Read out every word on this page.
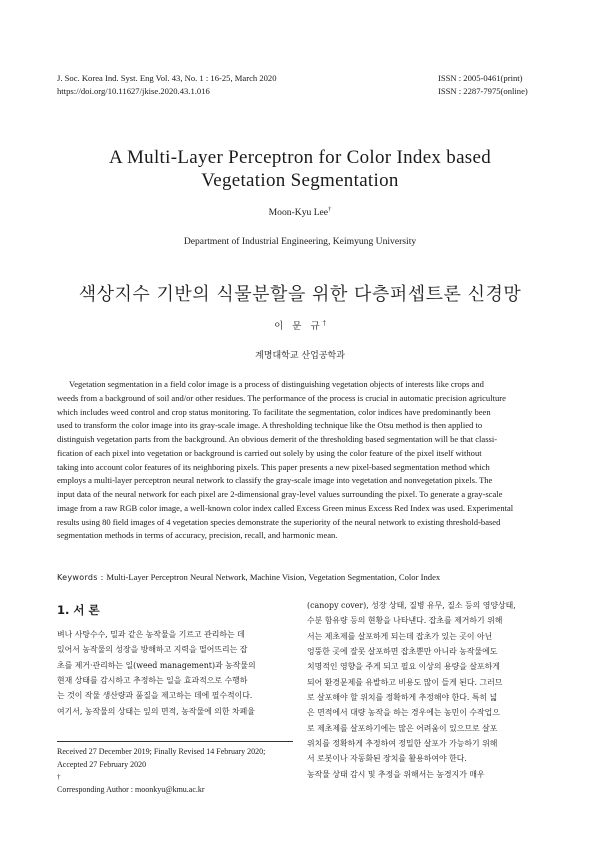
J. Soc. Korea Ind. Syst. Eng Vol. 43, No. 1 : 16-25, March 2020
https://doi.org/10.11627/jkise.2020.43.1.016
ISSN : 2005-0461(print)
ISSN : 2287-7975(online)
A Multi-Layer Perceptron for Color Index based
Vegetation Segmentation
Moon-Kyu Lee†
Department of Industrial Engineering, Keimyung University
색상지수 기반의 식물분할을 위한 다층퍼셉트론 신경망
이 문 규†
계명대학교 산업공학과
Vegetation segmentation in a field color image is a process of distinguishing vegetation objects of interests like crops and
weeds from a background of soil and/or other residues. The performance of the process is crucial in automatic precision agriculture
which includes weed control and crop status monitoring. To facilitate the segmentation, color indices have predominantly been
used to transform the color image into its gray-scale image. A thresholding technique like the Otsu method is then applied to
distinguish vegetation parts from the background. An obvious demerit of the thresholding based segmentation will be that classi-
fication of each pixel into vegetation or background is carried out solely by using the color feature of the pixel itself without
taking into account color features of its neighboring pixels. This paper presents a new pixel-based segmentation method which
employs a multi-layer perceptron neural network to classify the gray-scale image into vegetation and nonvegetation pixels. The
input data of the neural network for each pixel are 2-dimensional gray-level values surrounding the pixel. To generate a gray-scale
image from a raw RGB color image, a well-known color index called Excess Green minus Excess Red Index was used. Experimental
results using 80 field images of 4 vegetation species demonstrate the superiority of the neural network to existing threshold-based
segmentation methods in terms of accuracy, precision, recall, and harmonic mean.
Keywords : Multi-Layer Perceptron Neural Network, Machine Vision, Vegetation Segmentation, Color Index
1. 서 론
벼나 사탕수수, 밀과 같은 농작물을 기르고 관리하는 데
있어서 농작물의 성장을 방해하고 지력을 떨어뜨리는 잡
초를 제거·관리하는 일(weed management)과 농작물의
현재 상태를 감시하고 추정하는 일을 효과적으로 수행하
는 것이 작물 생산량과 품질을 제고하는 데에 필수적이다.
여기서, 농작물의 상태는 잎의 면적, 농작물에 의한 차폐율
(canopy cover), 성장 상태, 질병 유무, 질소 등의 영양상태,
수분 함유량 등의 현황을 나타낸다. 잡초를 제거하기 위해
서는 제초제를 살포하게 되는데 잡초가 있는 곳이 아닌
엉뚱한 곳에 잘못 살포하면 잡초뿐만 아니라 농작물에도
치명적인 영향을 주게 되고 필요 이상의 용량을 살포하게
되어 환경문제를 유발하고 비용도 많이 들게 된다. 그러므
로 살포해야 할 위치를 정확하게 추정해야 한다. 특히 넓
은 면적에서 대량 농작을 하는 경우에는 농민이 수작업으
로 제초제를 살포하기에는 많은 어려움이 있으므로 살포
위치를 정확하게 추정하여 정밀한 살포가 가능하기 위해
서 로봇이나 자동화된 장치를 활용하여야 한다.
농작물 상태 감시 및 추정을 위해서는 농경지가 매우
Received 27 December 2019; Finally Revised 14 February 2020;
Accepted 27 February 2020
†
Corresponding Author : moonkyu@kmu.ac.kr
